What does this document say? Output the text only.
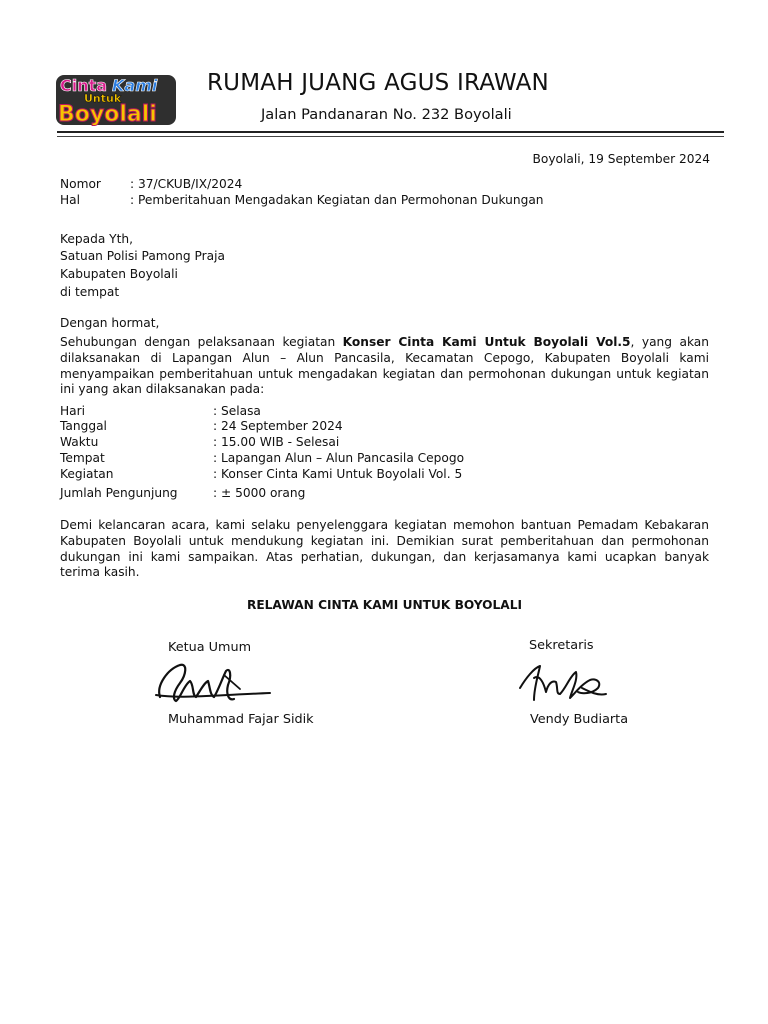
Cinta Kami
Untuk
Boyolali
RUMAH JUANG AGUS IRAWAN
Jalan Pandanaran No. 232 Boyolali
Boyolali, 19 September 2024
Nomor : 37/CKUB/IX/2024
Hal	: Pemberitahuan Mengadakan Kegiatan dan Permohonan Dukungan
Kepada Yth,
Satuan Polisi Pamong Praja
Kabupaten Boyolali
di tempat
Dengan hormat,
Sehubungan dengan pelaksanaan kegiatan Konser Cinta Kami Untuk Boyolali Vol.5, yang akan dilaksanakan di Lapangan Alun – Alun Pancasila, Kecamatan Cepogo, Kabupaten Boyolali kami menyampaikan pemberitahuan untuk mengadakan kegiatan dan permohonan dukungan untuk kegiatan ini yang akan dilaksanakan pada:
Hari	: Selasa
Tanggal	: 24 September 2024
Waktu	: 15.00 WIB - Selesai
Tempat	: Lapangan Alun – Alun Pancasila Cepogo
Kegiatan	: Konser Cinta Kami Untuk Boyolali Vol. 5
Jumlah Pengunjung	: ± 5000 orang
Demi kelancaran acara, kami selaku penyelenggara kegiatan memohon bantuan Pemadam Kebakaran Kabupaten Boyolali untuk mendukung kegiatan ini. Demikian surat pemberitahuan dan permohonan dukungan ini kami sampaikan. Atas perhatian, dukungan, dan kerjasamanya kami ucapkan banyak terima kasih.
RELAWAN CINTA KAMI UNTUK BOYOLALI
Ketua Umum	Sekretaris
Muhammad Fajar Sidik	Vendy Budiarta
